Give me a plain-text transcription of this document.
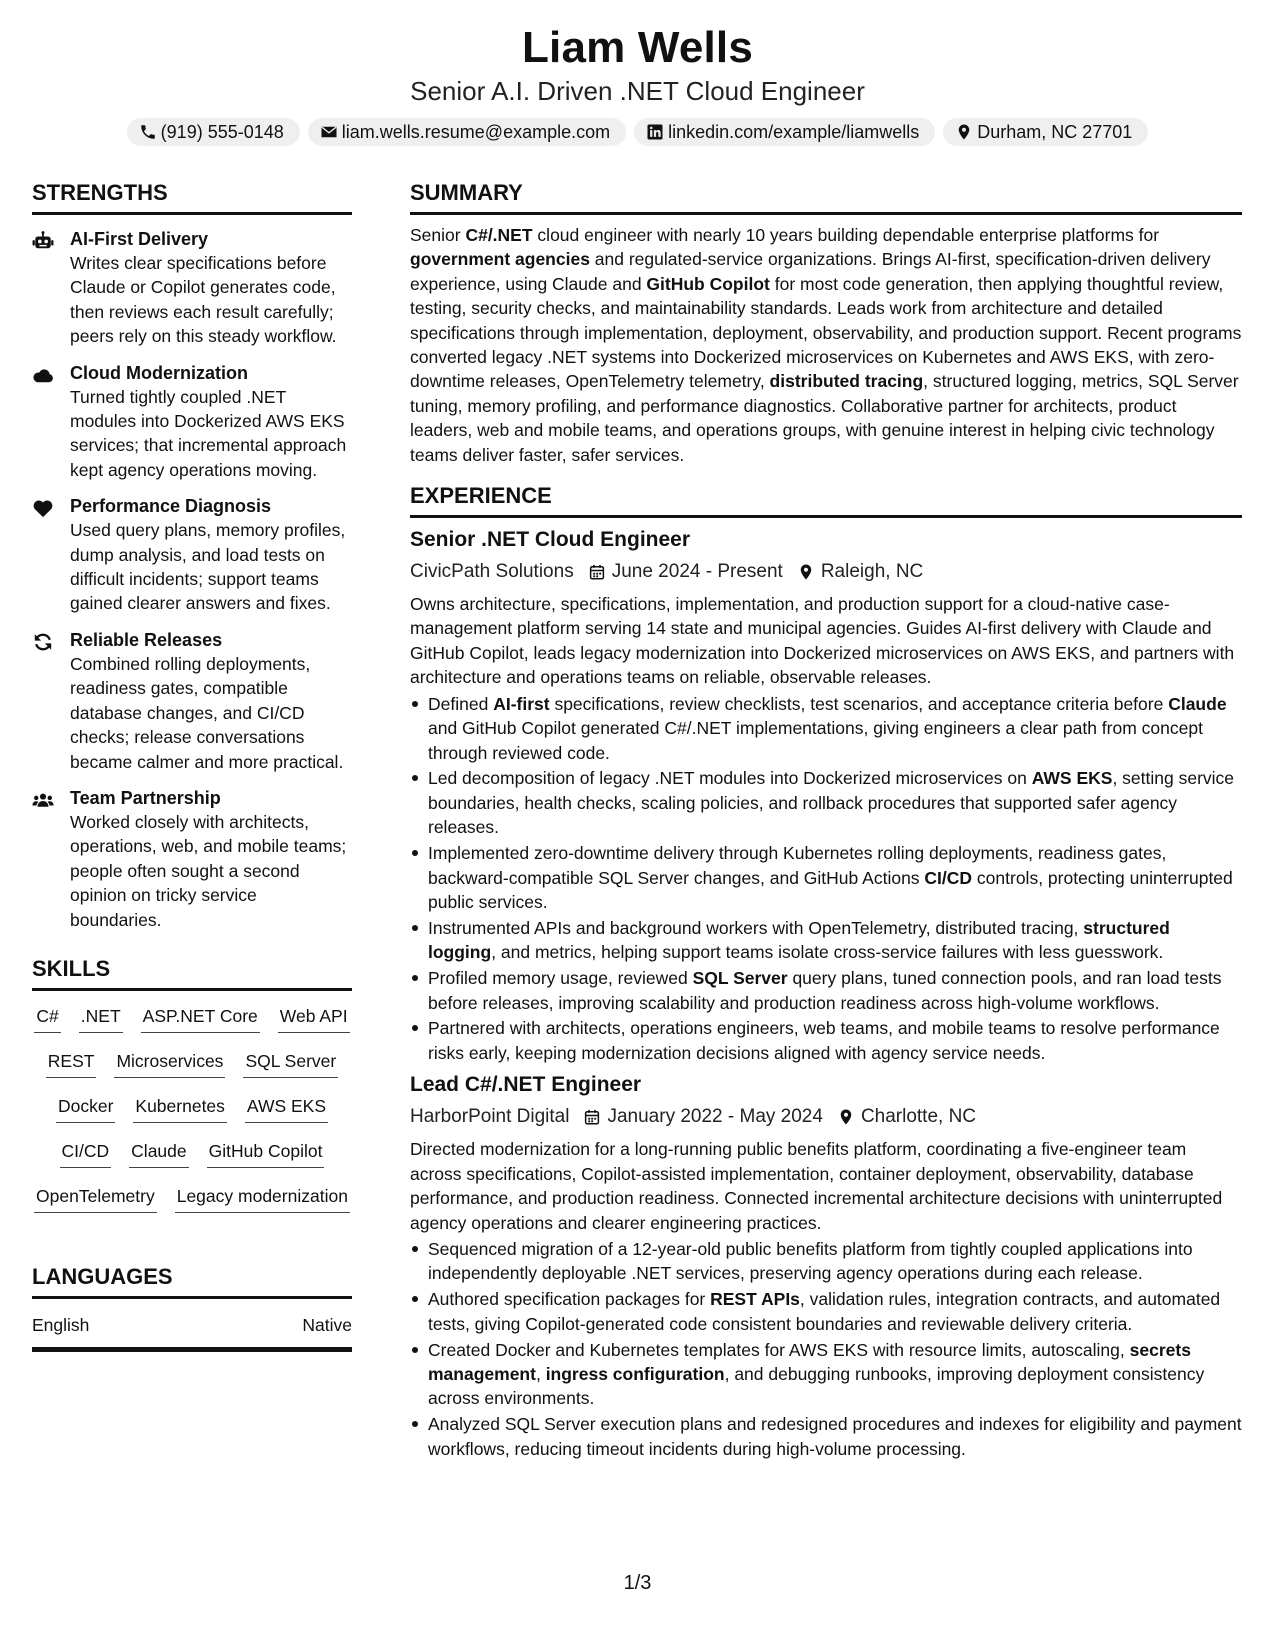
Liam Wells
Senior A.I. Driven .NET Cloud Engineer
(919) 555-0148	liam.wells.resume@example.com	linkedin.com/example/liamwells	Durham, NC 27701
STRENGTHS
AI-First Delivery
Writes clear specifications before Claude or Copilot generates code, then reviews each result carefully; peers rely on this steady workflow.
Cloud Modernization
Turned tightly coupled .NET modules into Dockerized AWS EKS services; that incremental approach kept agency operations moving.
Performance Diagnosis
Used query plans, memory profiles, dump analysis, and load tests on difficult incidents; support teams gained clearer answers and fixes.
Reliable Releases
Combined rolling deployments, readiness gates, compatible database changes, and CI/CD checks; release conversations became calmer and more practical.
Team Partnership
Worked closely with architects, operations, web, and mobile teams; people often sought a second opinion on tricky service boundaries.
SKILLS
C# .NET ASP.NET Core Web API
REST Microservices SQL Server
Docker Kubernetes AWS EKS
CI/CD Claude GitHub Copilot
OpenTelemetry Legacy modernization
LANGUAGES
English	Native
SUMMARY
Senior C#/.NET cloud engineer with nearly 10 years building dependable enterprise platforms for government agencies and regulated-service organizations. Brings AI-first, specification-driven delivery experience, using Claude and GitHub Copilot for most code generation, then applying thoughtful review, testing, security checks, and maintainability standards. Leads work from architecture and detailed specifications through implementation, deployment, observability, and production support. Recent programs converted legacy .NET systems into Dockerized microservices on Kubernetes and AWS EKS, with zero-downtime releases, OpenTelemetry telemetry, distributed tracing, structured logging, metrics, SQL Server tuning, memory profiling, and performance diagnostics. Collaborative partner for architects, product leaders, web and mobile teams, and operations groups, with genuine interest in helping civic technology teams deliver faster, safer services.
EXPERIENCE
Senior .NET Cloud Engineer
CivicPath Solutions June 2024 - Present Raleigh, NC
Owns architecture, specifications, implementation, and production support for a cloud-native case-management platform serving 14 state and municipal agencies. Guides AI-first delivery with Claude and GitHub Copilot, leads legacy modernization into Dockerized microservices on AWS EKS, and partners with architecture and operations teams on reliable, observable releases.
Defined AI-first specifications, review checklists, test scenarios, and acceptance criteria before Claude and GitHub Copilot generated C#/.NET implementations, giving engineers a clear path from concept through reviewed code.
Led decomposition of legacy .NET modules into Dockerized microservices on AWS EKS, setting service boundaries, health checks, scaling policies, and rollback procedures that supported safer agency releases.
Implemented zero-downtime delivery through Kubernetes rolling deployments, readiness gates, backward-compatible SQL Server changes, and GitHub Actions CI/CD controls, protecting uninterrupted public services.
Instrumented APIs and background workers with OpenTelemetry, distributed tracing, structured logging, and metrics, helping support teams isolate cross-service failures with less guesswork.
Profiled memory usage, reviewed SQL Server query plans, tuned connection pools, and ran load tests before releases, improving scalability and production readiness across high-volume workflows.
Partnered with architects, operations engineers, web teams, and mobile teams to resolve performance risks early, keeping modernization decisions aligned with agency service needs.
Lead C#/.NET Engineer
HarborPoint Digital January 2022 - May 2024 Charlotte, NC
Directed modernization for a long-running public benefits platform, coordinating a five-engineer team across specifications, Copilot-assisted implementation, container deployment, observability, database performance, and production readiness. Connected incremental architecture decisions with uninterrupted agency operations and clearer engineering practices.
Sequenced migration of a 12-year-old public benefits platform from tightly coupled applications into independently deployable .NET services, preserving agency operations during each release.
Authored specification packages for REST APIs, validation rules, integration contracts, and automated tests, giving Copilot-generated code consistent boundaries and reviewable delivery criteria.
Created Docker and Kubernetes templates for AWS EKS with resource limits, autoscaling, secrets management, ingress configuration, and debugging runbooks, improving deployment consistency across environments.
Analyzed SQL Server execution plans and redesigned procedures and indexes for eligibility and payment workflows, reducing timeout incidents during high-volume processing.
1/3
